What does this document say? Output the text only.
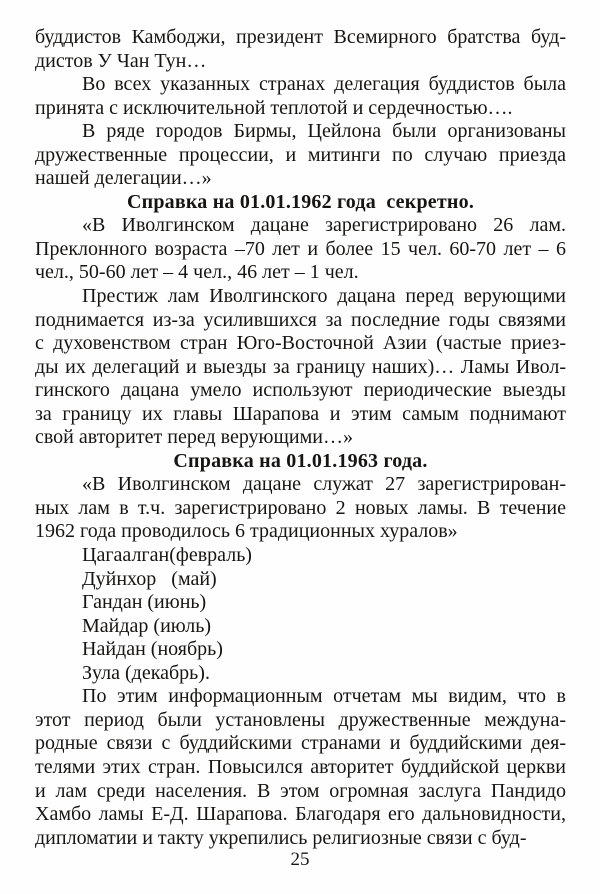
буддистов Камбоджи, президент Всемирного братства буд-
дистов У Чан Тун…
Во всех указанных странах делегация буддистов была
принята с исключительной теплотой и сердечностью….
В ряде городов Бирмы, Цейлона были организованы
дружественные процессии, и митинги по случаю приезда
нашей делегации…»
Справка на 01.01.1962 года  секретно.
«В Иволгинском дацане зарегистрировано 26 лам.
Преклонного возраста –70 лет и более 15 чел. 60-70 лет – 6
чел., 50-60 лет – 4 чел., 46 лет – 1 чел.
Престиж лам Иволгинского дацана перед верующими
поднимается из-за усилившихся за последние годы связями
с духовенством стран Юго-Восточной Азии (частые приез-
ды их делегаций и выезды за границу наших)… Ламы Ивол-
гинского дацана умело используют периодические выезды
за границу их главы Шарапова и этим самым поднимают
свой авторитет перед верующими…»
Справка на 01.01.1963 года.
«В Иволгинском дацане служат 27 зарегистрирован-
ных лам в т.ч. зарегистрировано 2 новых ламы. В течение
1962 года проводилось 6 традиционных хуралов»
Цагаалган(февраль)
Дуйнхор   (май)
Гандан (июнь)
Майдар (июль)
Найдан (ноябрь)
Зула (декабрь).
По этим информационным отчетам мы видим, что в
этот период были установлены дружественные междуна-
родные связи с буддийскими странами и буддийскими дея-
телями этих стран. Повысился авторитет буддийской церкви
и лам среди населения. В этом огромная заслуга Пандидо
Хамбо ламы Е-Д. Шарапова. Благодаря его дальновидности,
дипломатии и такту укрепились религиозные связи с буд-
25
